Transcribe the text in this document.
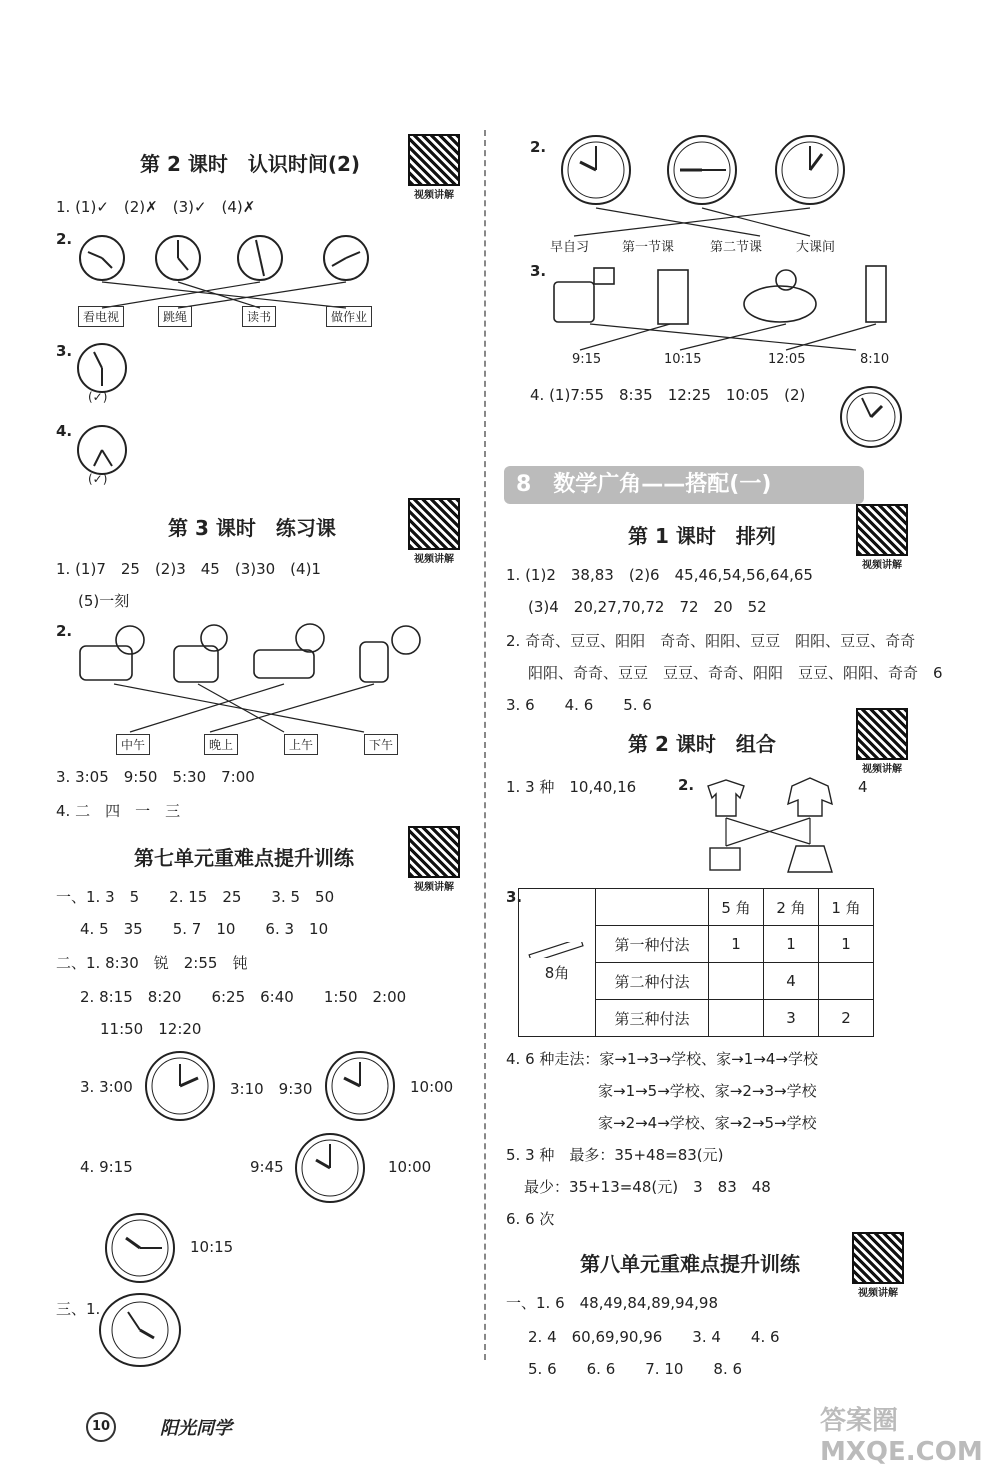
第 2 课时　认识时间(2)
视频讲解
1. (1)✓　(2)✗　(3)✓　(4)✗
2.
看电视	跳绳	读书	做作业
3.
(✓)
4.
(✓)
第 3 课时　练习课
视频讲解
1. (1)7　25　(2)3　45　(3)30　(4)1
(5)一刻
2.
中午	晚上	上午	下午
3. 3:05　9:50　5:30　7:00
4. 二　四　一　三
第七单元重难点提升训练
视频讲解
一、1. 3　5　　2. 15　25　　3. 5　50
4. 5　35　　5. 7　10　　6. 3　10
二、1. 8:30　锐　2:55　钝
2. 8:15　8:20　　6:25　6:40　　1:50　2:00
11:50　12:20
3. 3:00	3:10　9:30	10:00
4. 9:15	9:45	10:00
10:15
三、1.
2.
早自习	第一节课	第二节课	大课间
3.
9:15	10:15	12:05	8:10
4. (1)7:55　8:35　12:25　10:05　(2)
8　数学广角——搭配(一)
第 1 课时　排列
视频讲解
1. (1)2　38,83　(2)6　45,46,54,56,64,65
(3)4　20,27,70,72　72　20　52
2. 奇奇、豆豆、阳阳　奇奇、阳阳、豆豆　阳阳、豆豆、奇奇
阳阳、奇奇、豆豆　豆豆、奇奇、阳阳　豆豆、阳阳、奇奇　6
3. 6　　4. 6　　5. 6
第 2 课时　组合
视频讲解
1. 3 种　10,40,16	2.	4
3.
8角		5 角	2 角	1 角
	第一种付法	1	1	1
	第二种付法		4	
	第三种付法		3	2
4. 6 种走法：家→1→3→学校、家→1→4→学校
家→1→5→学校、家→2→3→学校
家→2→4→学校、家→2→5→学校
5. 3 种　最多：35+48=83(元)
最少：35+13=48(元)　3　83　48
6. 6 次
第八单元重难点提升训练
视频讲解
一、1. 6　48,49,84,89,94,98
2. 4　60,69,90,96　　3. 4　　4. 6
5. 6　　6. 6　　7. 10　　8. 6
10	阳光同学	答案圈 MXQE.COM
